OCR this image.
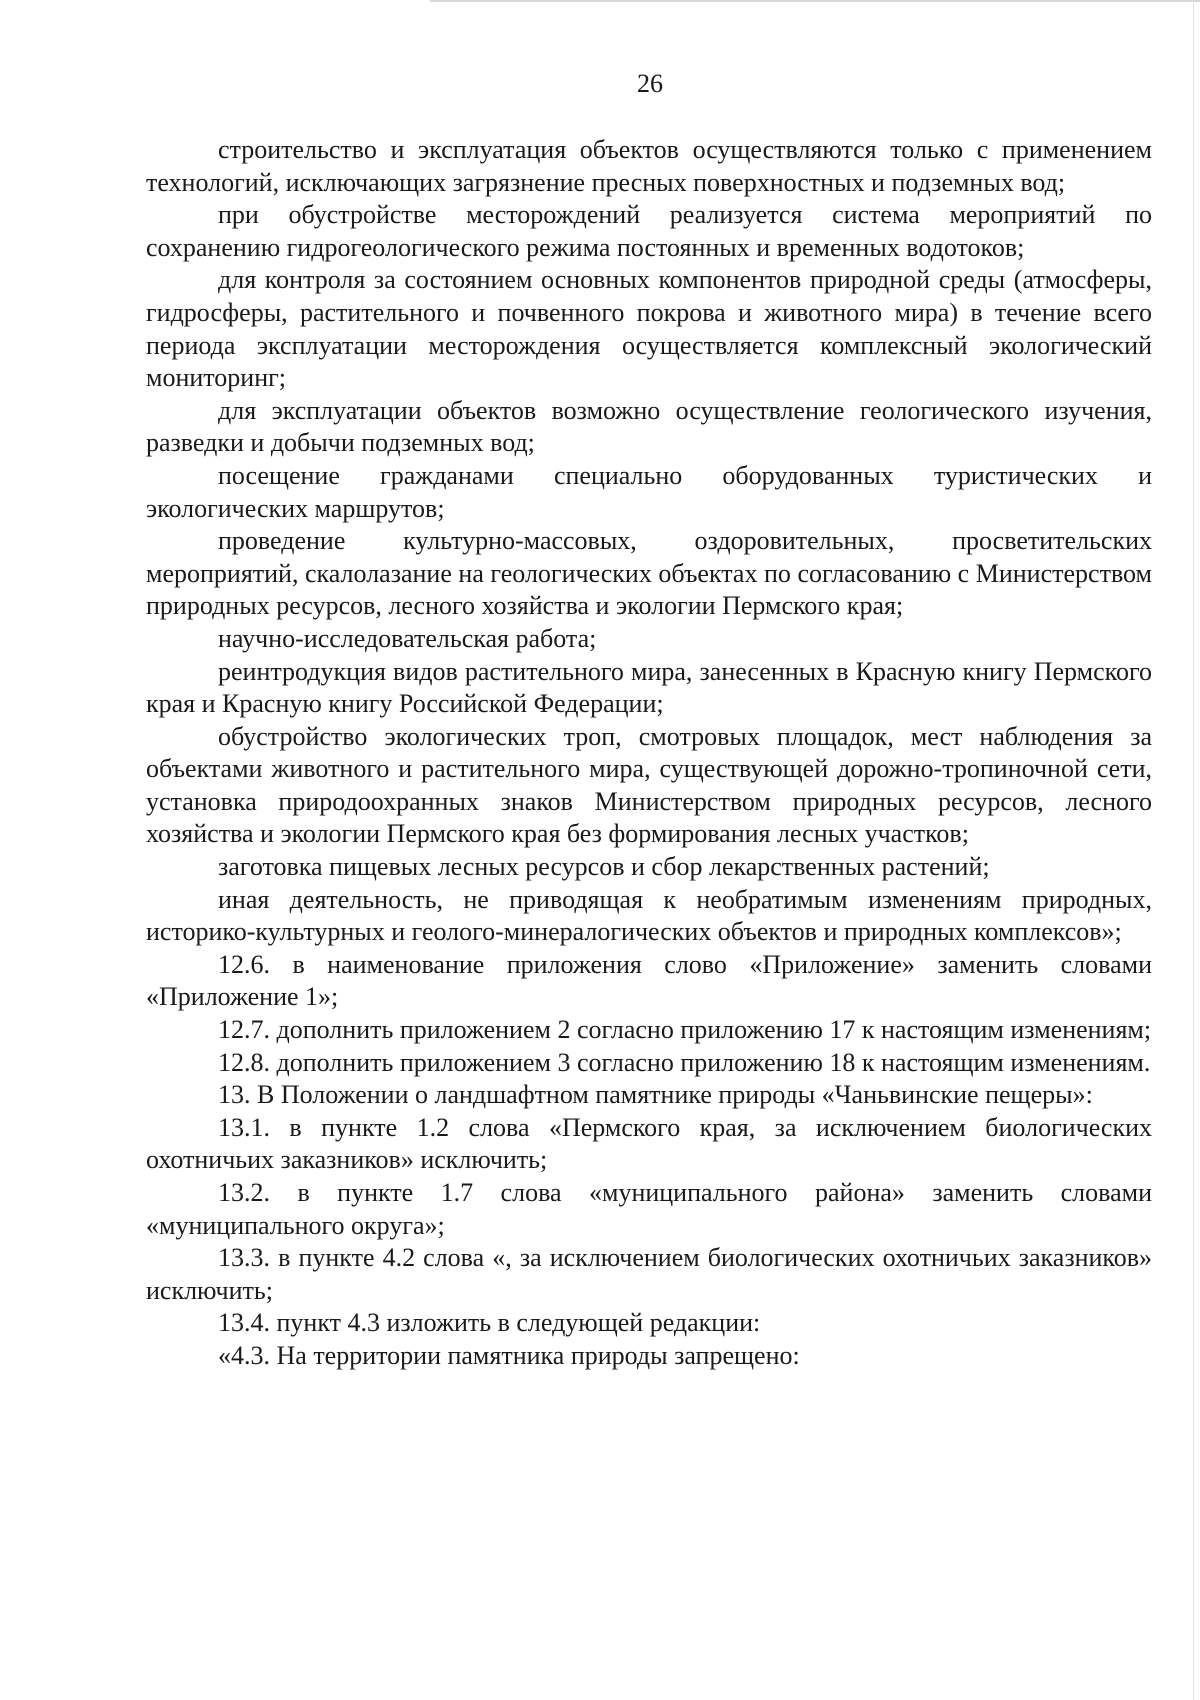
26

строительство и эксплуатация объектов осуществляются только с применением технологий, исключающих загрязнение пресных поверхностных и подземных вод;

при обустройстве месторождений реализуется система мероприятий по сохранению гидрогеологического режима постоянных и временных водотоков;

для контроля за состоянием основных компонентов природной среды (атмосферы, гидросферы, растительного и почвенного покрова и животного мира) в течение всего периода эксплуатации месторождения осуществляется комплексный экологический мониторинг;

для эксплуатации объектов возможно осуществление геологического изучения, разведки и добычи подземных вод;

посещение гражданами специально оборудованных туристических и экологических маршрутов;

проведение культурно-массовых, оздоровительных, просветительских мероприятий, скалолазание на геологических объектах по согласованию с Министерством природных ресурсов, лесного хозяйства и экологии Пермского края;

научно-исследовательская работа;

реинтродукция видов растительного мира, занесенных в Красную книгу Пермского края и Красную книгу Российской Федерации;

обустройство экологических троп, смотровых площадок, мест наблюдения за объектами животного и растительного мира, существующей дорожно-тропиночной сети, установка природоохранных знаков Министерством природных ресурсов, лесного хозяйства и экологии Пермского края без формирования лесных участков;

заготовка пищевых лесных ресурсов и сбор лекарственных растений;

иная деятельность, не приводящая к необратимым изменениям природных, историко-культурных и геолого-минералогических объектов и природных комплексов»;

12.6. в наименование приложения слово «Приложение» заменить словами «Приложение 1»;

12.7. дополнить приложением 2 согласно приложению 17 к настоящим изменениям;

12.8. дополнить приложением 3 согласно приложению 18 к настоящим изменениям.

13. В Положении о ландшафтном памятнике природы «Чаньвинские пещеры»:

13.1. в пункте 1.2 слова «Пермского края, за исключением биологических охотничьих заказников» исключить;

13.2. в пункте 1.7 слова «муниципального района» заменить словами «муниципального округа»;

13.3. в пункте 4.2 слова «, за исключением биологических охотничьих заказников» исключить;

13.4. пункт 4.3 изложить в следующей редакции:

«4.3. На территории памятника природы запрещено:
